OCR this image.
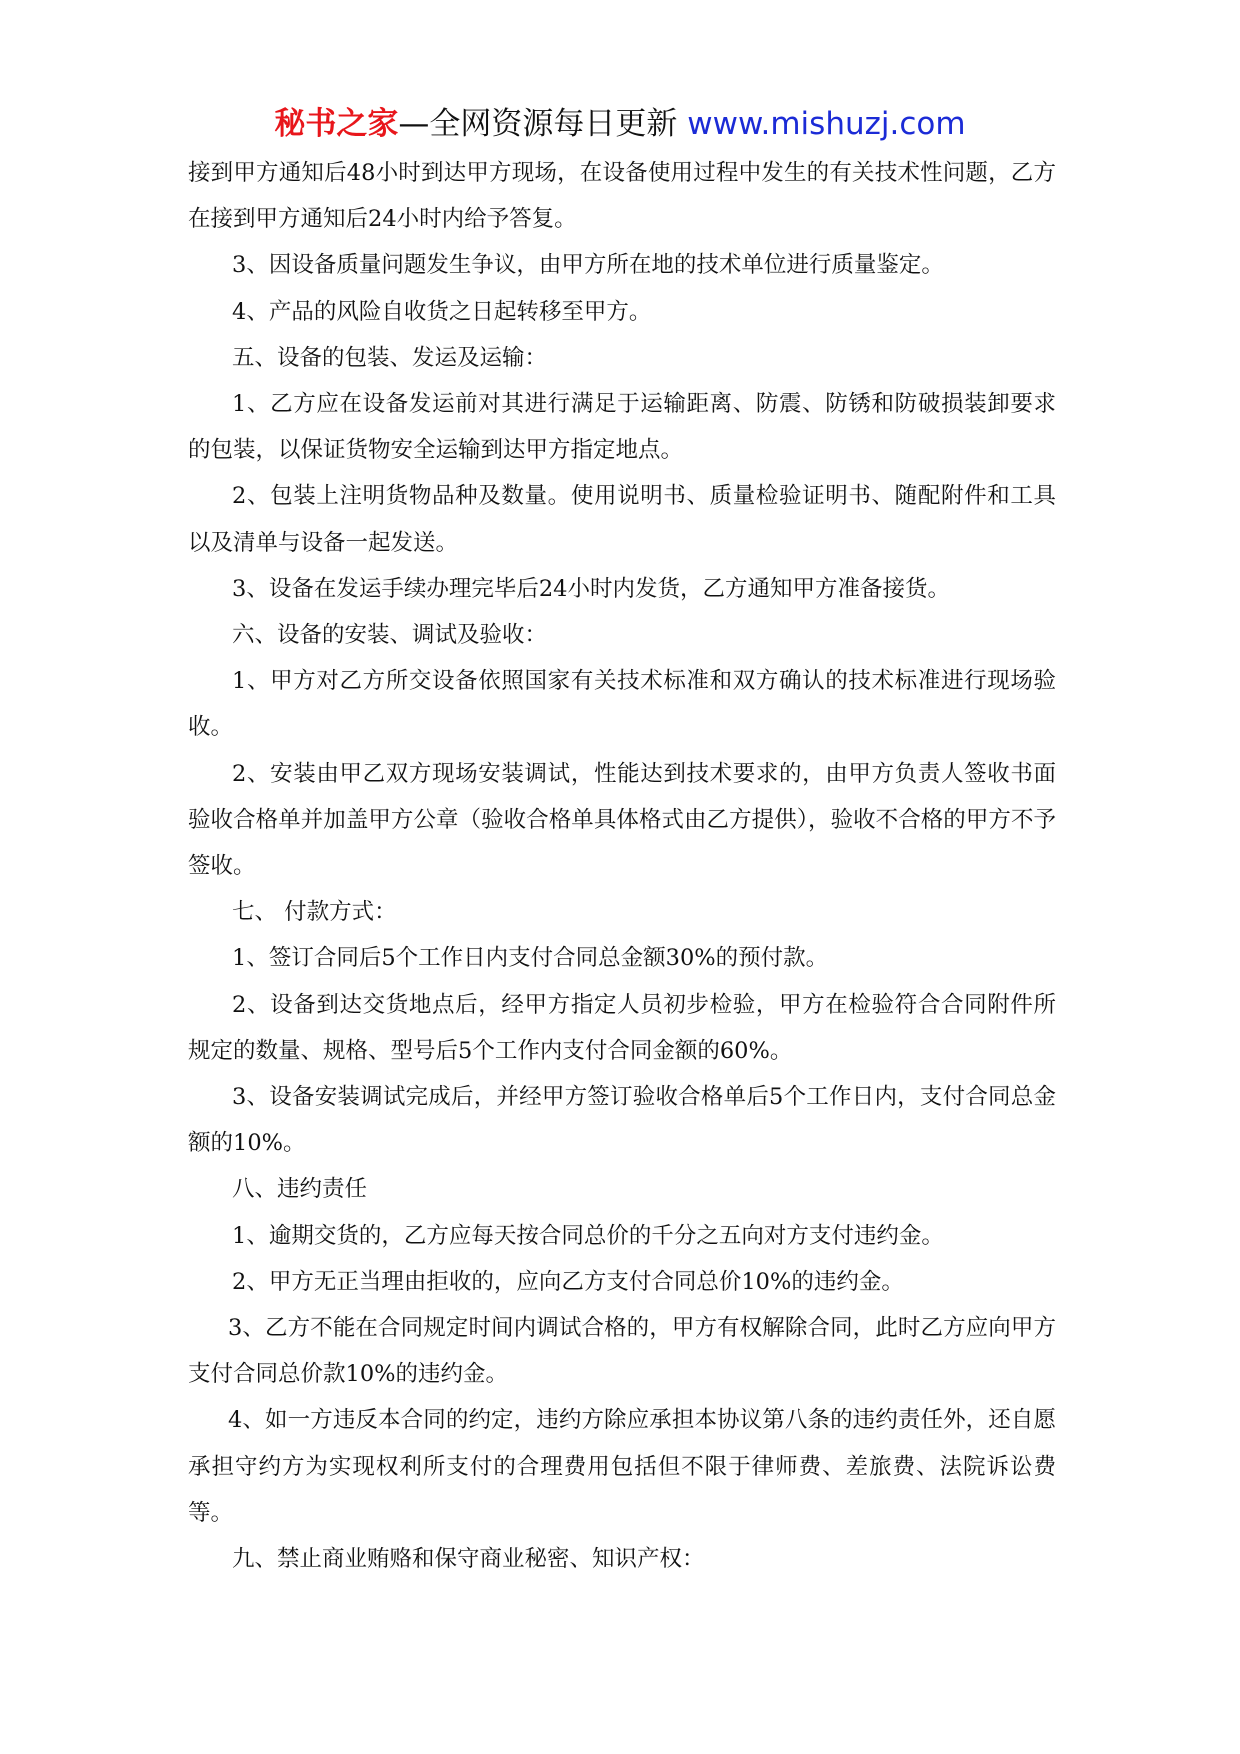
秘书之家—全网资源每日更新 www.mishuzj.com

接到甲方通知后48小时到达甲方现场，在设备使用过程中发生的有关技术性问题，乙方在接到甲方通知后24小时内给予答复。

3、因设备质量问题发生争议，由甲方所在地的技术单位进行质量鉴定。

4、产品的风险自收货之日起转移至甲方。

五、设备的包装、发运及运输：

1、乙方应在设备发运前对其进行满足于运输距离、防震、防锈和防破损装卸要求的包装，以保证货物安全运输到达甲方指定地点。

2、包装上注明货物品种及数量。使用说明书、质量检验证明书、随配附件和工具以及清单与设备一起发送。

3、设备在发运手续办理完毕后24小时内发货，乙方通知甲方准备接货。

六、设备的安装、调试及验收：

1、甲方对乙方所交设备依照国家有关技术标准和双方确认的技术标准进行现场验收。

2、安装由甲乙双方现场安装调试，性能达到技术要求的，由甲方负责人签收书面验收合格单并加盖甲方公章（验收合格单具体格式由乙方提供），验收不合格的甲方不予签收。

七、 付款方式：

1、签订合同后5个工作日内支付合同总金额30%的预付款。

2、设备到达交货地点后，经甲方指定人员初步检验，甲方在检验符合合同附件所规定的数量、规格、型号后5个工作内支付合同金额的60%。

3、设备安装调试完成后，并经甲方签订验收合格单后5个工作日内，支付合同总金额的10%。

八、违约责任

1、逾期交货的，乙方应每天按合同总价的千分之五向对方支付违约金。

2、甲方无正当理由拒收的，应向乙方支付合同总价10%的违约金。

3、乙方不能在合同规定时间内调试合格的，甲方有权解除合同，此时乙方应向甲方支付合同总价款10%的违约金。

4、如一方违反本合同的约定，违约方除应承担本协议第八条的违约责任外，还自愿承担守约方为实现权利所支付的合理费用包括但不限于律师费、差旅费、法院诉讼费等。

九、禁止商业贿赂和保守商业秘密、知识产权：
